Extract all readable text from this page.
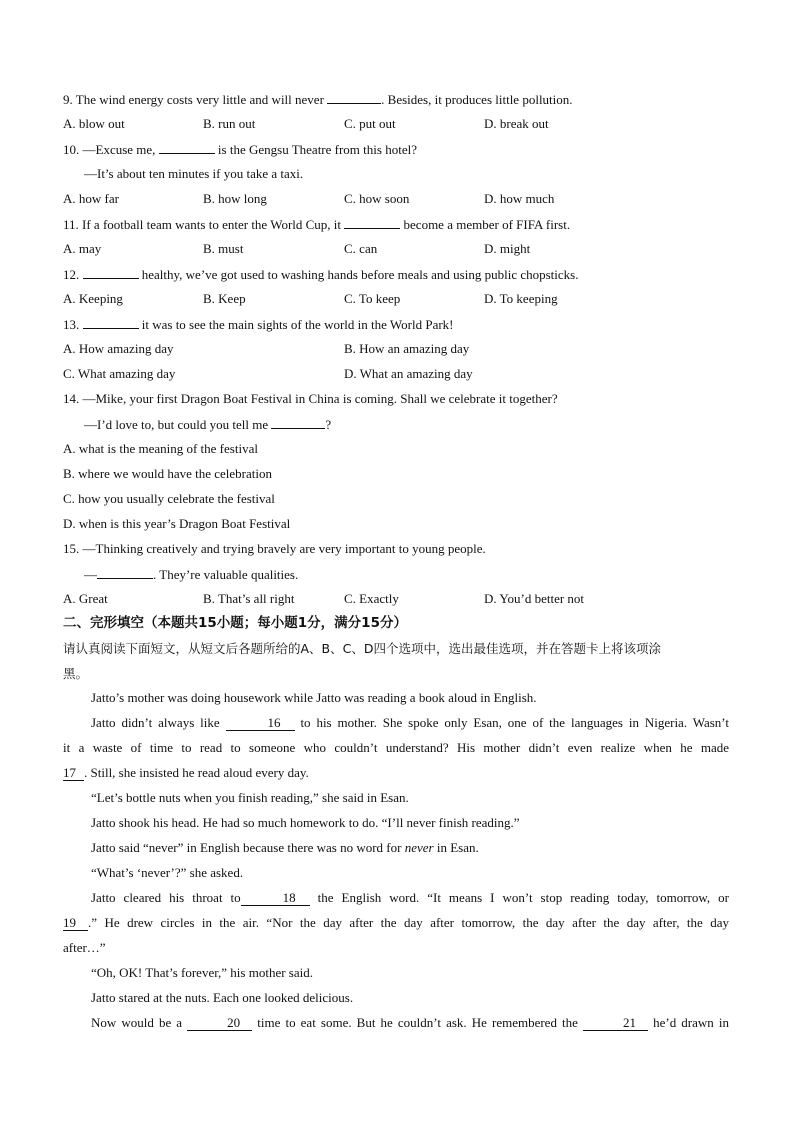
9. The wind energy costs very little and will never	. Besides, it produces little pollution.
A. blow out	B. run out	C. put out	D. break out
10. —Excuse me,	is the Gengsu Theatre from this hotel?
—It’s about ten minutes if you take a taxi.
A. how far	B. how long	C. how soon	D. how much
11. If a football team wants to enter the World Cup, it	become a member of FIFA first.
A. may	B. must	C. can	D. might
12.	healthy, we’ve got used to washing hands before meals and using public chopsticks.
A. Keeping	B. Keep	C. To keep	D. To keeping
13.	it was to see the main sights of the world in the World Park!
A. How amazing day	B. How an amazing day
C. What amazing day	D. What an amazing day
14. —Mike, your first Dragon Boat Festival in China is coming. Shall we celebrate it together?
—I’d love to, but could you tell me	?
A. what is the meaning of the festival
B. where we would have the celebration
C. how you usually celebrate the festival
D. when is this year’s Dragon Boat Festival
15. —Thinking creatively and trying bravely are very important to young people.
—	. They’re valuable qualities.
A. Great	B. That’s all right	C. Exactly	D. You’d better not
二、完形填空（本题共15小题；每小题1分，满分15分）
请认真阅读下面短文，从短文后各题所给的A、B、C、D四个选项中，选出最佳选项，并在答题卡上将该项涂
黑。
Jatto’s mother was doing housework while Jatto was reading a book aloud in English.
Jatto didn’t always like	16 to his mother. She spoke only Esan, one of the languages in Nigeria. Wasn’t
it a waste of time to read to someone who couldn’t understand? His mother didn’t even realize when he made
17 . Still, she insisted he read aloud every day.
“Let’s bottle nuts when you finish reading,” she said in Esan.
Jatto shook his head. He had so much homework to do. “I’ll never finish reading.”
Jatto said “never” in English because there was no word for never in Esan.
“What’s ‘never’?” she asked.
Jatto cleared his throat to	18 the English word. “It means I won’t stop reading today, tomorrow, or
19 .” He drew circles in the air. “Nor the day after the day after tomorrow, the day after the day after, the day
after…”
“Oh, OK! That’s forever,” his mother said.
Jatto stared at the nuts. Each one looked delicious.
Now would be a	20 time to eat some. But he couldn’t ask. He remembered the	21 he’d drawn in
